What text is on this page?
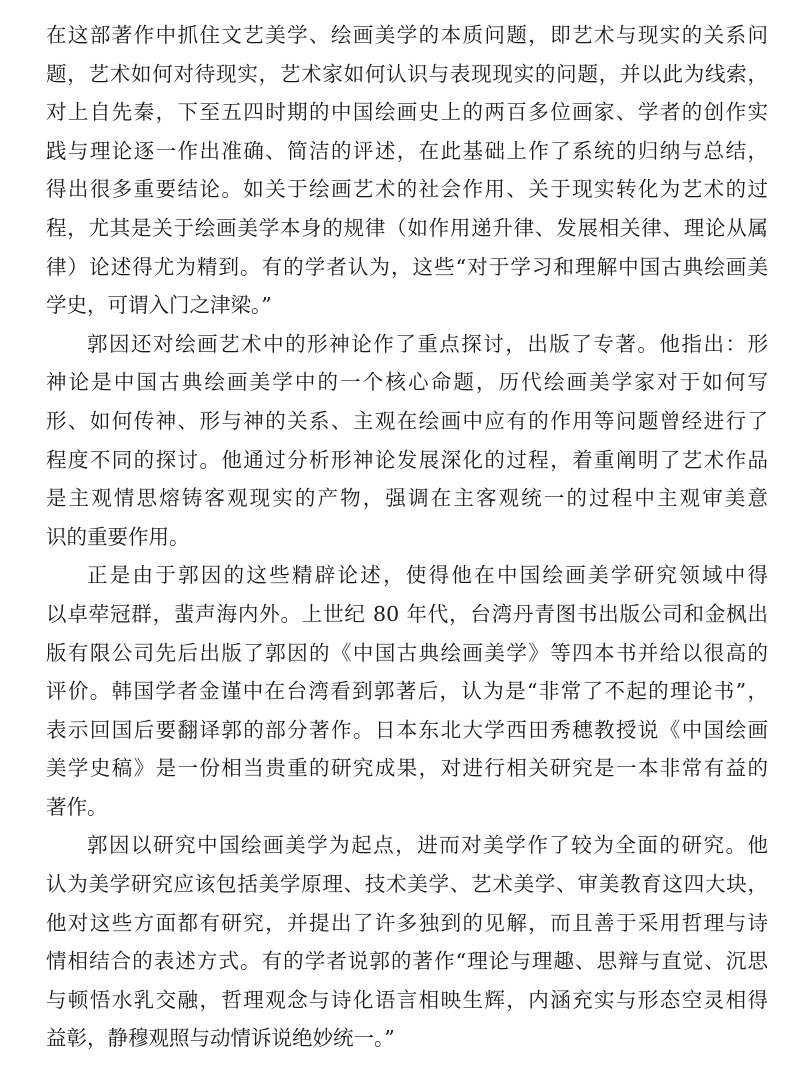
在这部著作中抓住文艺美学、绘画美学的本质问题，即艺术与现实的关系问
题，艺术如何对待现实，艺术家如何认识与表现现实的问题，并以此为线索，
对上自先秦，下至五四时期的中国绘画史上的两百多位画家、学者的创作实
践与理论逐一作出准确、简洁的评述，在此基础上作了系统的归纳与总结，
得出很多重要结论。如关于绘画艺术的社会作用、关于现实转化为艺术的过
程，尤其是关于绘画美学本身的规律（如作用递升律、发展相关律、理论从属
律）论述得尤为精到。有的学者认为，这些“对于学习和理解中国古典绘画美
学史，可谓入门之津梁。”
郭因还对绘画艺术中的形神论作了重点探讨，出版了专著。他指出：形
神论是中国古典绘画美学中的一个核心命题，历代绘画美学家对于如何写
形、如何传神、形与神的关系、主观在绘画中应有的作用等问题曾经进行了
程度不同的探讨。他通过分析形神论发展深化的过程，着重阐明了艺术作品
是主观情思熔铸客观现实的产物，强调在主客观统一的过程中主观审美意
识的重要作用。
正是由于郭因的这些精辟论述，使得他在中国绘画美学研究领域中得
以卓荦冠群，蜚声海内外。上世纪 80 年代，台湾丹青图书出版公司和金枫出
版有限公司先后出版了郭因的《中国古典绘画美学》等四本书并给以很高的
评价。韩国学者金谨中在台湾看到郭著后，认为是“非常了不起的理论书”，
表示回国后要翻译郭的部分著作。日本东北大学西田秀穗教授说《中国绘画
美学史稿》是一份相当贵重的研究成果，对进行相关研究是一本非常有益的
著作。
郭因以研究中国绘画美学为起点，进而对美学作了较为全面的研究。他
认为美学研究应该包括美学原理、技术美学、艺术美学、审美教育这四大块，
他对这些方面都有研究，并提出了许多独到的见解，而且善于采用哲理与诗
情相结合的表述方式。有的学者说郭的著作“理论与理趣、思辩与直觉、沉思
与顿悟水乳交融，哲理观念与诗化语言相映生辉，内涵充实与形态空灵相得
益彰，静穆观照与动情诉说绝妙统一。”
